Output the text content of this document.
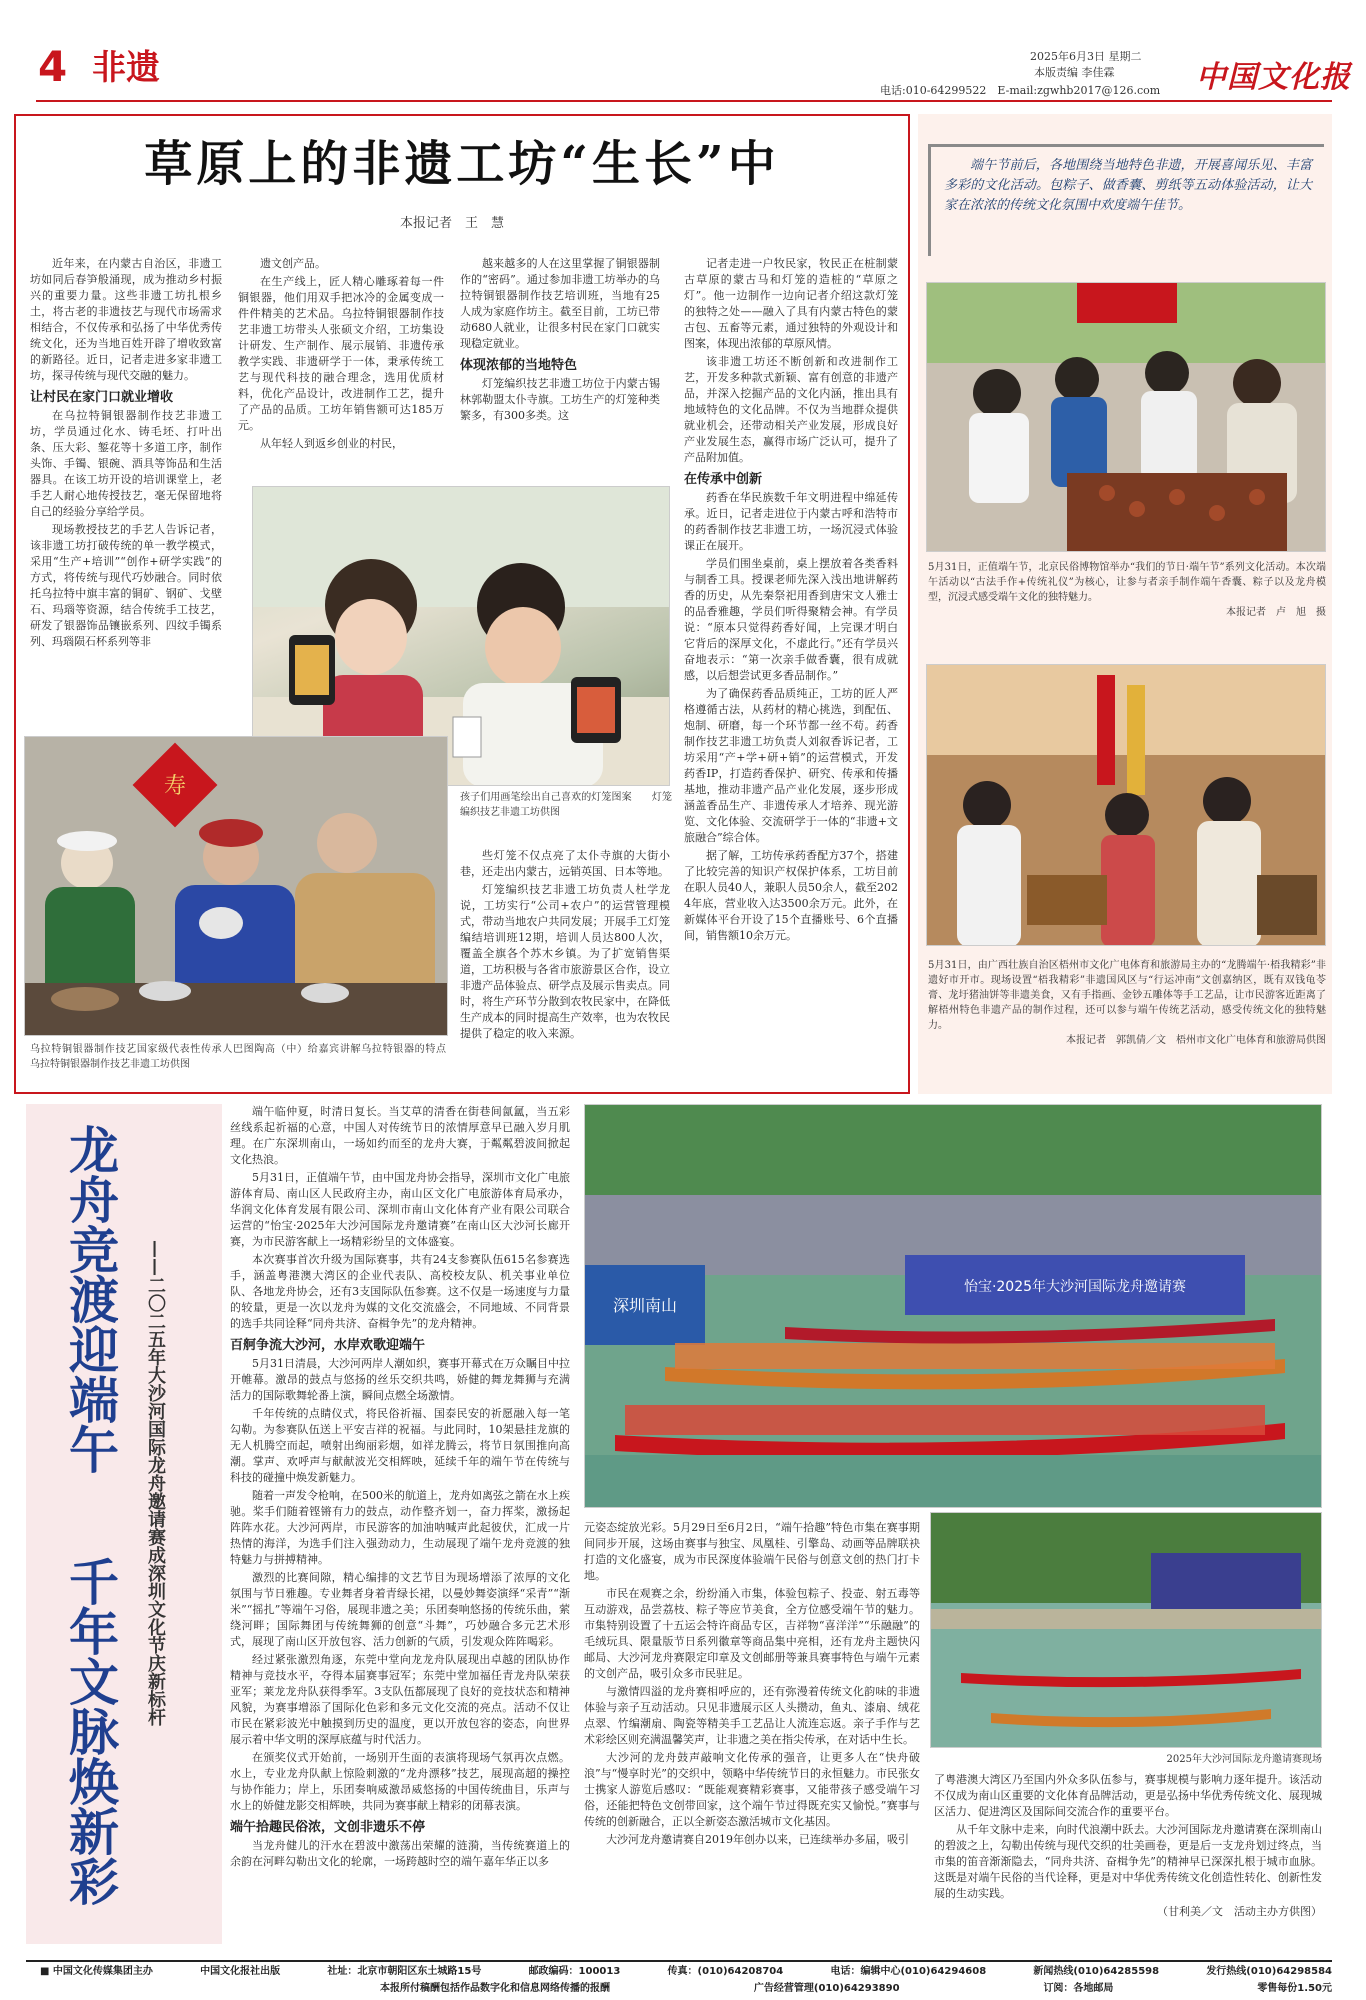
4 非遗	2025年6月3日 星期二
本版责编 李佳霖
电话:010-64299522　E-mail:zgwhb2017@126.com 中国文化报
草原上的非遗工坊“生长”中
本报记者　王　慧

近年来，在内蒙古自治区，非遗工坊如同后春笋般涌现，成为推动乡村振兴的重要力量。这些非遗工坊扎根乡土，将古老的非遗技艺与现代市场需求相结合，不仅传承和弘扬了中华优秀传统文化，还为当地百姓开辟了增收致富的新路径。近日，记者走进多家非遗工坊，探寻传统与现代交融的魅力。

让村民在家门口就业增收

在乌拉特铜银器制作技艺非遗工坊，学员通过化水、铸毛坯、打叶出条、压大彩、錾花等十多道工序，制作头饰、手镯、银碗、酒具等饰品和生活器具。在该工坊开设的培训课堂上，老手艺人耐心地传授技艺，毫无保留地将自己的经验分享给学员。

现场教授技艺的手艺人告诉记者，该非遗工坊打破传统的单一教学模式，采用“生产+培训”“创作+研学实践”的方式，将传统与现代巧妙融合。同时依托乌拉特中旗丰富的铜矿、钢矿、戈壁石、玛瑙等资源，结合传统手工技艺，研发了银器饰品镶嵌系列、四纹手镯系列、玛瑙陨石杯系列等非

遗文创产品。

在生产线上，匠人精心雕琢着每一件铜银器，他们用双手把冰冷的金属变成一件件精美的艺术品。乌拉特铜银器制作技艺非遗工坊带头人张硕文介绍，工坊集设计研发、生产制作、展示展销、非遗传承教学实践、非遗研学于一体，秉承传统工艺与现代科技的融合理念，选用优质材料，优化产品设计，改进制作工艺，提升了产品的品质。工坊年销售额可达185万元。

从年轻人到返乡创业的村民，

越来越多的人在这里掌握了铜银器制作的“密码”。通过参加非遗工坊举办的乌拉特铜银器制作技艺培训班，当地有25人成为家庭作坊主。截至目前，工坊已带动680人就业，让很多村民在家门口就实现稳定就业。

体现浓郁的当地特色

灯笼编织技艺非遗工坊位于内蒙古锡林郭勒盟太仆寺旗。工坊生产的灯笼种类繁多，有300多类。这

记者走进一户牧民家，牧民正在桩制蒙古草原的蒙古马和灯笼的造桩的“草原之灯”。他一边制作一边向记者介绍这款灯笼的独特之处——融入了具有内蒙古特色的蒙古包、五畜等元素，通过独特的外观设计和图案，体现出浓郁的草原风情。

该非遗工坊还不断创新和改进制作工艺，开发多种款式新颖、富有创意的非遗产品，并深入挖掘产品的文化内涵，推出具有地域特色的文化品牌。不仅为当地群众提供就业机会，还带动相关产业发展，形成良好产业发展生态，赢得市场广泛认可，提升了产品附加值。

在传承中创新

药香在华民族数千年文明进程中绵延传承。近日，记者走进位于内蒙古呼和浩特市的药香制作技艺非遗工坊，一场沉浸式体验课正在展开。

学员们围坐桌前，桌上摆放着各类香料与制香工具。授课老师先深入浅出地讲解药香的历史，从先秦祭祀用香到唐宋文人雅士的品香雅趣，学员们听得聚精会神。有学员说：“原本只觉得药香好闻，上完课才明白它背后的深厚文化，不虚此行。”还有学员兴奋地表示：“第一次亲手做香囊，很有成就感，以后想尝试更多香品制作。”

为了确保药香品质纯正，工坊的匠人严格遵循古法，从药材的精心挑选，到配伍、炮制、研磨，每一个环节都一丝不苟。药香制作技艺非遗工坊负责人刘叙香诉记者，工坊采用“产+学+研+销”的运营模式，开发药香IP，打造药香保护、研究、传承和传播基地，推动非遗产品产业化发展，逐步形成涵盖香品生产、非遗传承人才培养、现光游览、文化体验、交流研学于一体的“非遗+文旅融合”综合体。

据了解，工坊传承药香配方37个，搭建了比较完善的知识产权保护体系，工坊目前在职人员40人，兼职人员50余人，截至2024年底，营业收入达3500余万元。此外，在新媒体平台开设了15个直播账号、6个直播间，销售额10余万元。

些灯笼不仅点亮了太仆寺旗的大街小巷，还走出内蒙古，远销英国、日本等地。

灯笼编织技艺非遗工坊负责人杜学龙说，工坊实行“公司+农户”的运营管理模式，带动当地农户共同发展；开展手工灯笼编结培训班12期，培训人员达800人次，覆盖全旗各个苏木乡镇。为了扩宽销售渠道，工坊积极与各省市旅游景区合作，设立非遗产品体验点、研学点及展示售卖点。同时，将生产环节分散到农牧民家中，在降低生产成本的同时提高生产效率，也为农牧民提供了稳定的收入来源。

孩子们用画笔绘出自己喜欢的灯笼图案　　灯笼编织技艺非遗工坊供图
寿
乌拉特铜银器制作技艺国家级代表性传承人巴图陶高（中）给嘉宾讲解乌拉特银器的特点　　　　　　　乌拉特铜银器制作技艺非遗工坊供图
端午节前后，各地围绕当地特色非遗，开展喜闻乐见、丰富多彩的文化活动。包粽子、做香囊、剪纸等五动体验活动，让大家在浓浓的传统文化氛围中欢度端午佳节。
5月31日，正值端午节，北京民俗博物馆举办“我们的节日·端午节”系列文化活动。本次端午活动以“古法手作+传统礼仪”为核心，让参与者亲手制作端午香囊、粽子以及龙舟模型，沉浸式感受端午文化的独特魅力。
本报记者　卢　旭　摄
5月31日，由广西壮族自治区梧州市文化广电体育和旅游局主办的“龙腾端午·梧我精彩”非遗好市开市。现场设置“梧我精彩”非遗国风区与“行运冲南”文创嘉纳区，既有双钱龟苓膏、龙圩猪油饼等非遗美食，又有手指画、金钞五雕体等手工艺品，让市民游客近距离了解梧州特色非遗产品的制作过程，还可以参与端午传统艺活动，感受传统文化的独特魅力。
本报记者　郭凯倩／文　梧州市文化广电体育和旅游局供图
龙舟竞渡迎端午
千年文脉焕新彩
——二〇二五年大沙河国际龙舟邀请赛成深圳文化节庆新标杆

端午临仲夏，时清日复长。当艾草的清香在街巷间氤氲，当五彩丝线系起祈福的心意，中国人对传统节日的浓情厚意早已融入岁月肌理。在广东深圳南山，一场如约而至的龙舟大赛，于粼粼碧波间掀起文化热浪。

5月31日，正值端午节，由中国龙舟协会指导，深圳市文化广电旅游体育局、南山区人民政府主办，南山区文化广电旅游体育局承办，华润文化体育发展有限公司、深圳市南山文化体育产业有限公司联合运营的“怡宝·2025年大沙河国际龙舟邀请赛”在南山区大沙河长廊开赛，为市民游客献上一场精彩纷呈的文体盛宴。

本次赛事首次升级为国际赛事，共有24支参赛队伍615名参赛选手，涵盖粤港澳大湾区的企业代表队、高校校友队、机关事业单位队、各地龙舟协会，还有3支国际队伍参赛。这不仅是一场速度与力量的较量，更是一次以龙舟为媒的文化交流盛会，不同地域、不同背景的选手共同诠释“同舟共济、奋楫争先”的龙舟精神。

百舸争流大沙河，水岸欢歌迎端午

5月31日清晨，大沙河两岸人潮如织，赛事开幕式在万众瞩目中拉开帷幕。激昂的鼓点与悠扬的丝乐交织共鸣，娇健的舞龙舞狮与充满活力的国际歌舞轮番上演，瞬间点燃全场激情。

千年传统的点睛仪式，将民俗祈福、国泰民安的祈愿融入每一笔勾勒。为参赛队伍送上平安吉祥的祝福。与此同时，10架悬挂龙旗的无人机腾空而起，喷射出绚丽彩烟，如祥龙腾云，将节日氛围推向高潮。掌声、欢呼声与献献波光交相辉映，延续千年的端午节在传统与科技的碰撞中焕发新魅力。

随着一声发令枪响，在500米的航道上，龙舟如离弦之箭在水上疾驰。桨手们随着铿锵有力的鼓点，动作整齐划一，奋力挥桨，激扬起阵阵水花。大沙河两岸，市民游客的加油呐喊声此起彼伏，汇成一片热情的海洋，为选手们注入强劲动力，生动展现了端午龙舟竞渡的独特魅力与拼搏精神。

激烈的比赛间隙，精心编排的文艺节目为现场增添了浓厚的文化氛围与节日雅趣。专业舞者身着青绿长裙，以曼妙舞姿演绎“采青”“渐米”“摇扎”等端午习俗，展现非遗之美；乐团奏响悠扬的传统乐曲，萦绕河畔；国际舞团与传统舞狮的创意“斗舞”，巧妙融合多元艺术形式，展现了南山区开放包容、活力创新的气质，引发观众阵阵喝彩。

经过紧张激烈角逐，东莞中堂向龙龙舟队展现出卓越的团队协作精神与竞技水平，夺得本届赛事冠军；东莞中堂加福任青龙舟队荣获亚军；莱龙龙舟队获得季军。3支队伍都展现了良好的竞技状态和精神风貌，为赛事增添了国际化色彩和多元文化交流的亮点。活动不仅让市民在紧彩波光中触摸到历史的温度，更以开放包容的姿态，向世界展示着中华文明的深厚底蕴与时代活力。

在颁奖仪式开始前，一场别开生面的表演将现场气氛再次点燃。水上，专业龙舟队献上惊险刺激的“龙舟漂移”技艺，展现高超的操控与协作能力；岸上，乐团奏响威激昂威悠扬的中国传统曲目，乐声与水上的娇健龙影交相辉映，共同为赛事献上精彩的闭幕表演。

端午拾趣民俗浓，文创非遗乐不停

当龙舟健儿的汗水在碧波中激荡出荣耀的涟漪，当传统赛道上的余韵在河畔勾勒出文化的轮廓，一场跨越时空的端午嘉年华正以多

深圳南山
怡宝·2025年大沙河国际龙舟邀请赛

元姿态绽放光彩。5月29日至6月2日，“端午拾趣”特色市集在赛事期间同步开展，这场由赛事与独宝、凤凰桂、引擎岛、动画等品牌联袂打造的文化盛宴，成为市民深度体验端午民俗与创意文创的热门打卡地。

市民在观赛之余，纷纷涌入市集，体验包粽子、投壶、射五毒等互动游戏，品尝荔枝、粽子等应节美食，全方位感受端午节的魅力。市集特别设置了十五运会特许商品专区，吉祥物“喜洋洋”“乐融融”的毛绒玩具、限量版节日系列徽章等商品集中亮相，还有龙舟主题快闪邮局、大沙河龙舟赛限定印章及文创邮册等兼具赛事特色与端午元素的文创产品，吸引众多市民驻足。

与激情四溢的龙舟赛相呼应的，还有弥漫着传统文化韵味的非遗体验与亲子互动活动。只见非遗展示区人头攒动，鱼丸、漆扇、绒花点翠、竹编潮扇、陶瓷等精美手工艺品让人流连忘返。亲子手作与艺术彩绘区则充满温馨笑声，让非遗之美在指尖传承，在对话中生长。

大沙河的龙舟鼓声敲响文化传承的强音，让更多人在“快舟破浪”与“慢享时光”的交织中，领略中华传统节日的永恒魅力。市民张女士携家人游览后感叹：“既能观赛精彩赛事，又能带孩子感受端午习俗，还能把特色文创带回家，这个端午节过得既充实又愉悦。”赛事与传统的创新融合，正以全新姿态激活城市文化基因。

大沙河龙舟邀请赛自2019年创办以来，已连续举办多届，吸引

2025年大沙河国际龙舟邀请赛现场

了粤港澳大湾区乃至国内外众多队伍参与，赛事规模与影响力逐年提升。该活动不仅成为南山区重要的文化体育品牌活动，更是弘扬中华优秀传统文化、展现城区活力、促进湾区及国际间交流合作的重要平台。

从千年文脉中走来，向时代浪潮中跃去。大沙河国际龙舟邀请赛在深圳南山的碧波之上，勾勒出传统与现代交织的壮美画卷，更是后一支龙舟划过终点，当市集的笛音渐渐隐去，“同舟共济、奋楫争先”的精神早已深深扎根于城市血脉。这既是对端午民俗的当代诠释，更是对中华优秀传统文化创造性转化、创新性发展的生动实践。

（甘利美／文　活动主办方供图）

■ 中国文化传媒集团主办	中国文化报社出版	社址：北京市朝阳区东土城路15号	邮政编码：100013	传真：(010)64208704	电话：编辑中心(010)64294608	新闻热线(010)64285598	发行热线(010)64298584
本报所付稿酬包括作品数字化和信息网络传播的报酬	广告经营管理(010)64293890	订阅：各地邮局	零售每份1.50元
